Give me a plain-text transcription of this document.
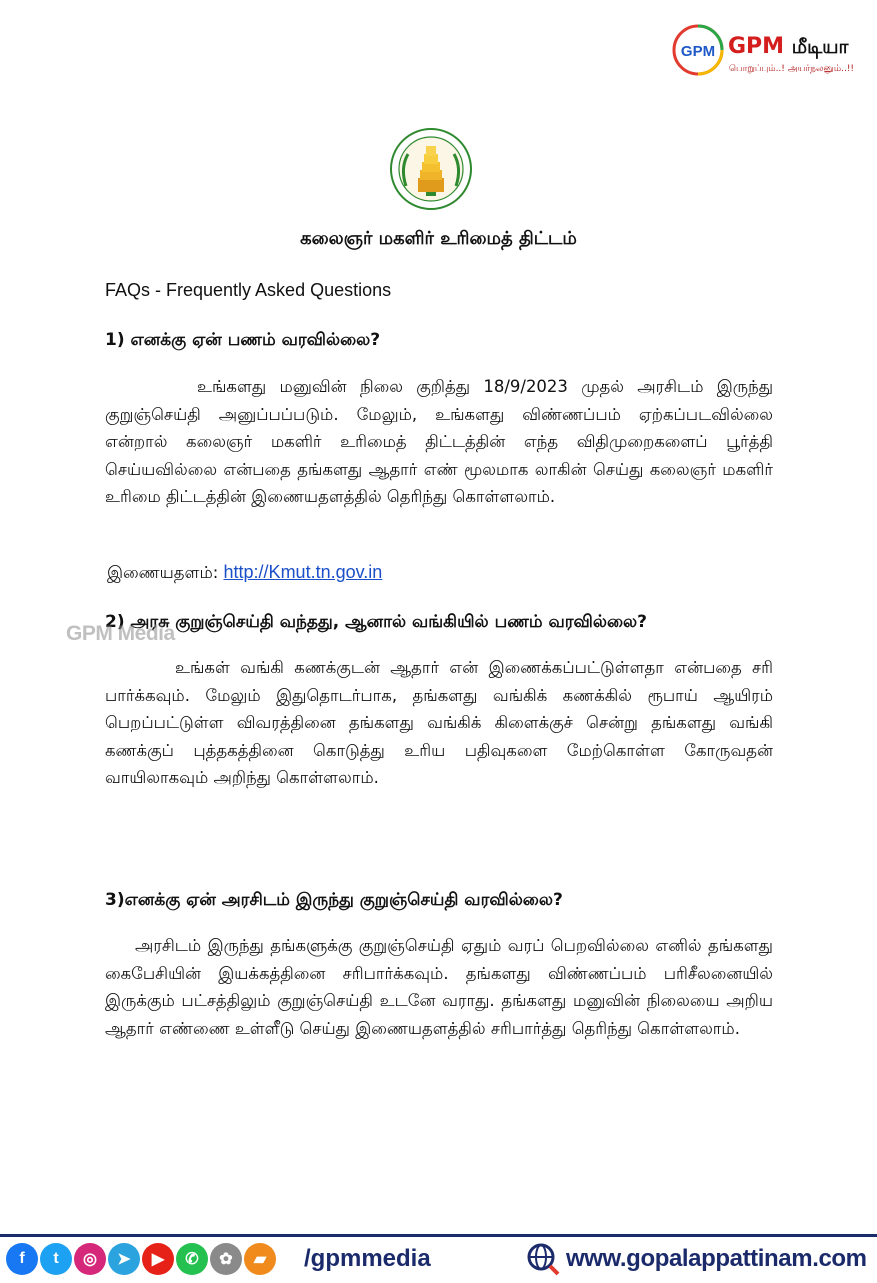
GPM GPM மீடியா
பொறுப்பும்..! அயர்நலனும்..!!
கலைஞர் மகளிர் உரிமைத் திட்டம்
FAQs - Frequently Asked Questions
1) எனக்கு ஏன் பணம் வரவில்லை?
உங்களது மனுவின் நிலை குறித்து 18/9/2023 முதல் அரசிடம் இருந்து குறுஞ்செய்தி அனுப்பப்படும். மேலும், உங்களது விண்ணப்பம் ஏற்கப்படவில்லை என்றால் கலைஞர் மகளிர் உரிமைத் திட்டத்தின் எந்த விதிமுறைகளைப் பூர்த்தி செய்யவில்லை என்பதை தங்களது ஆதார் எண் மூலமாக லாகின் செய்து கலைஞர் மகளிர் உரிமை திட்டத்தின் இணையதளத்தில் தெரிந்து கொள்ளலாம்.
இணையதளம்: http://Kmut.tn.gov.in
2) அரசு குறுஞ்செய்தி வந்தது, ஆனால் வங்கியில் பணம் வரவில்லை?
GPM Media
உங்கள் வங்கி கணக்குடன் ஆதார் என் இணைக்கப்பட்டுள்ளதா என்பதை சரி பார்க்கவும். மேலும் இதுதொடர்பாக, தங்களது வங்கிக் கணக்கில் ரூபாய் ஆயிரம் பெறப்பட்டுள்ள விவரத்தினை தங்களது வங்கிக் கிளைக்குச் சென்று தங்களது வங்கி கணக்குப் புத்தகத்தினை கொடுத்து உரிய பதிவுகளை மேற்கொள்ள கோருவதன் வாயிலாகவும் அறிந்து கொள்ளலாம்.
3)எனக்கு ஏன் அரசிடம் இருந்து குறுஞ்செய்தி வரவில்லை?
அரசிடம் இருந்து தங்களுக்கு குறுஞ்செய்தி ஏதும் வரப் பெறவில்லை எனில் தங்களது கைபேசியின் இயக்கத்தினை சரிபார்க்கவும். தங்களது விண்ணப்பம் பரிசீலனையில் இருக்கும் பட்சத்திலும் குறுஞ்செய்தி உடனே வராது. தங்களது மனுவின் நிலையை அறிய ஆதார் எண்ணை உள்ளீடு செய்து இணையதளத்தில் சரிபார்த்து தெரிந்து கொள்ளலாம்.
f	t	◎	➤	▶	✆	✿	▰	/gpmmedia	www.gopalappattinam.com
